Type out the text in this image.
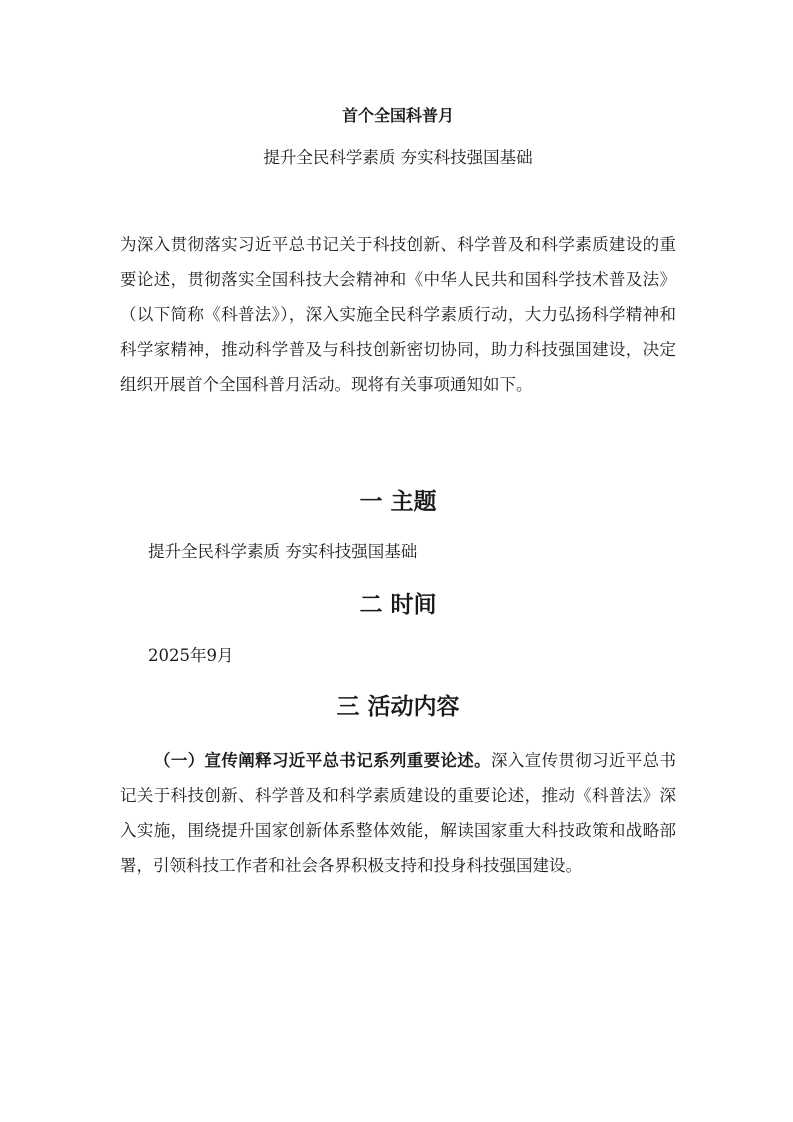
首个全国科普月

提升全民科学素质 夯实科技强国基础

为深入贯彻落实习近平总书记关于科技创新、科学普及和科学素质建设的重要论述，贯彻落实全国科技大会精神和《中华人民共和国科学技术普及法》（以下简称《科普法》），深入实施全民科学素质行动，大力弘扬科学精神和科学家精神，推动科学普及与科技创新密切协同，助力科技强国建设，决定组织开展首个全国科普月活动。现将有关事项通知如下。

一 主题

提升全民科学素质 夯实科技强国基础

二 时间

2025年9月

三 活动内容

（一）宣传阐释习近平总书记系列重要论述。深入宣传贯彻习近平总书记关于科技创新、科学普及和科学素质建设的重要论述，推动《科普法》深入实施，围绕提升国家创新体系整体效能，解读国家重大科技政策和战略部署，引领科技工作者和社会各界积极支持和投身科技强国建设。
